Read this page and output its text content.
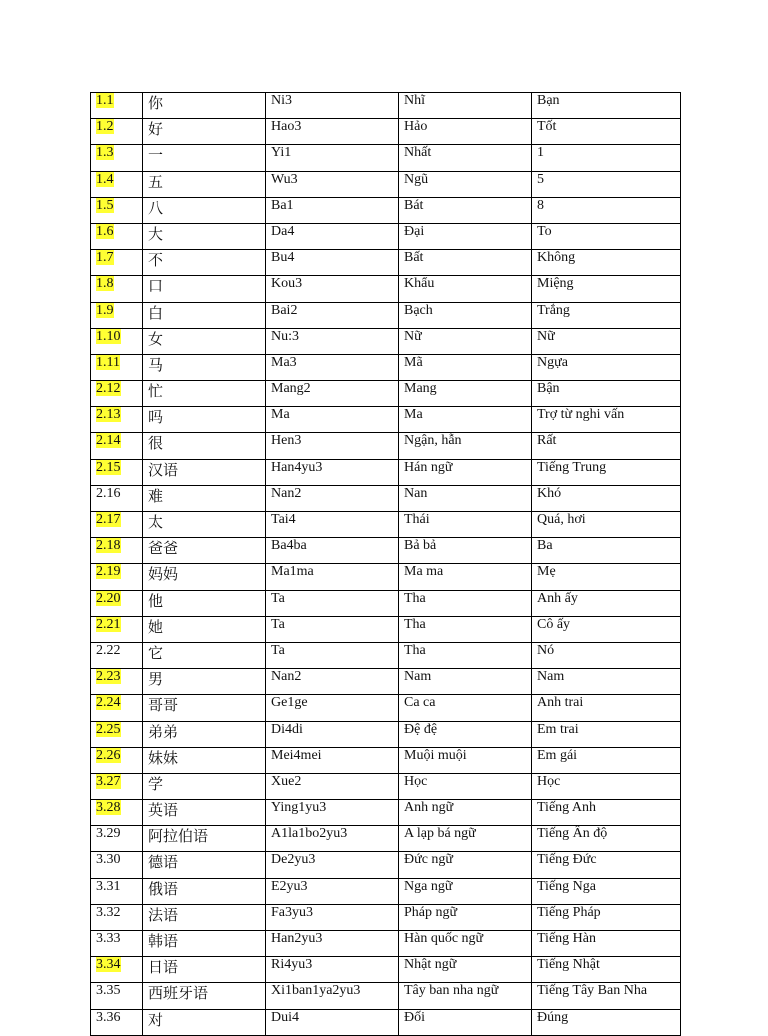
1.1	你	Ni3	Nhĩ	Bạn
1.2	好	Hao3	Hảo	Tốt
1.3	一	Yi1	Nhất	1
1.4	五	Wu3	Ngũ	5
1.5	八	Ba1	Bát	8
1.6	大	Da4	Đại	To
1.7	不	Bu4	Bất	Không
1.8	口	Kou3	Khẩu	Miệng
1.9	白	Bai2	Bạch	Trắng
1.10	女	Nu:3	Nữ	Nữ
1.11	马	Ma3	Mã	Ngựa
2.12	忙	Mang2	Mang	Bận
2.13	吗	Ma	Ma	Trợ từ nghi vấn
2.14	很	Hen3	Ngận, hẫn	Rất
2.15	汉语	Han4yu3	Hán ngữ	Tiếng Trung
2.16	难	Nan2	Nan	Khó
2.17	太	Tai4	Thái	Quá, hơi
2.18	爸爸	Ba4ba	Bả bả	Ba
2.19	妈妈	Ma1ma	Ma ma	Mẹ
2.20	他	Ta	Tha	Anh ấy
2.21	她	Ta	Tha	Cô ấy
2.22	它	Ta	Tha	Nó
2.23	男	Nan2	Nam	Nam
2.24	哥哥	Ge1ge	Ca ca	Anh trai
2.25	弟弟	Di4di	Đệ đệ	Em trai
2.26	妹妹	Mei4mei	Muội muội	Em gái
3.27	学	Xue2	Học	Học
3.28	英语	Ying1yu3	Anh ngữ	Tiếng Anh
3.29	阿拉伯语	A1la1bo2yu3	A lạp bá ngữ	Tiếng Ấn độ
3.30	德语	De2yu3	Đức ngữ	Tiếng Đức
3.31	俄语	E2yu3	Nga ngữ	Tiếng Nga
3.32	法语	Fa3yu3	Pháp ngữ	Tiếng Pháp
3.33	韩语	Han2yu3	Hàn quốc ngữ	Tiếng Hàn
3.34	日语	Ri4yu3	Nhật ngữ	Tiếng Nhật
3.35	西班牙语	Xi1ban1ya2yu3	Tây ban nha ngữ	Tiếng Tây Ban Nha
3.36	对	Dui4	Đối	Đúng
